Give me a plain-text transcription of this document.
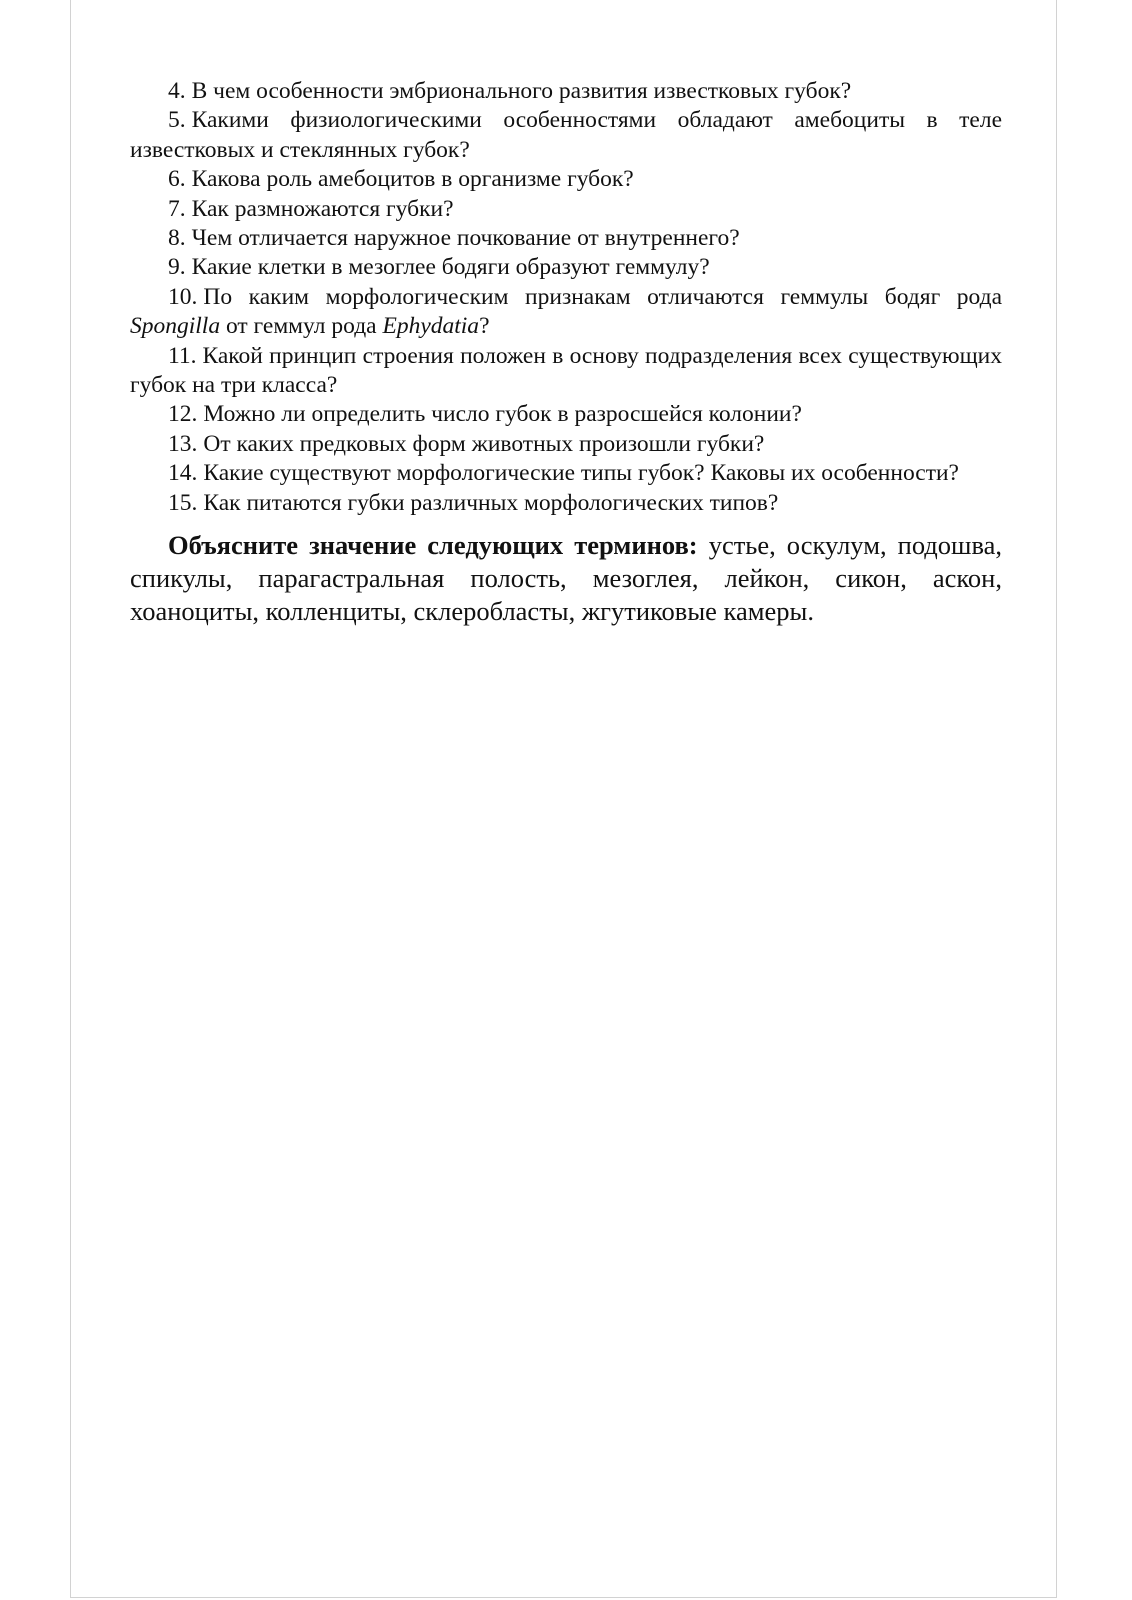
4. В чем особенности эмбрионального развития известковых губок?

5. Какими физиологическими особенностями обладают амебоциты в теле известковых и стеклянных губок?

6. Какова роль амебоцитов в организме губок?

7. Как размножаются губки?

8. Чем отличается наружное почкование от внутреннего?

9. Какие клетки в мезоглее бодяги образуют геммулу?

10. По каким морфологическим признакам отличаются геммулы бодяг рода Spongilla от геммул рода Ephydatia?

11. Какой принцип строения положен в основу подразделения всех существующих губок на три класса?

12. Можно ли определить число губок в разросшейся колонии?

13. От каких предковых форм животных произошли губки?

14. Какие существуют морфологические типы губок? Каковы их особенности?

15. Как питаются губки различных морфологических типов?

Объясните значение следующих терминов: устье, оскулум, подошва, спикулы, парагастральная полость, мезоглея, лейкон, сикон, аскон, хоаноциты, колленциты, склеробласты, жгутиковые камеры.
